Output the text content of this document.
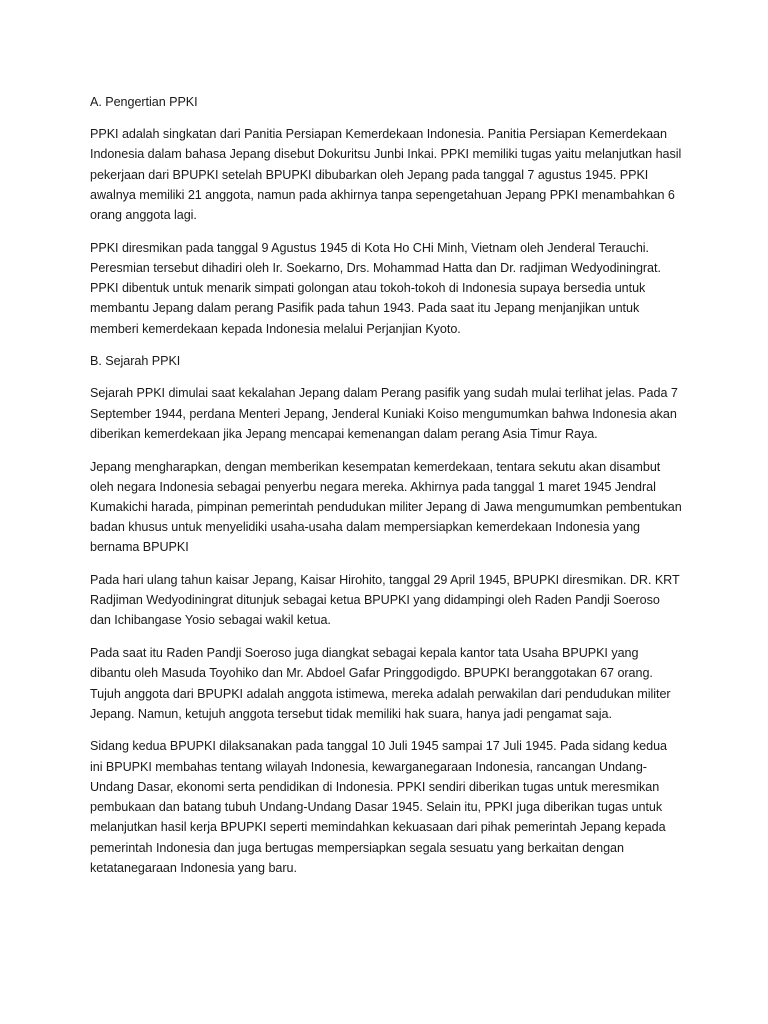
A. Pengertian PPKI

PPKI adalah singkatan dari Panitia Persiapan Kemerdekaan Indonesia. Panitia Persiapan Kemerdekaan Indonesia dalam bahasa Jepang disebut Dokuritsu Junbi Inkai. PPKI memiliki tugas yaitu melanjutkan hasil pekerjaan dari BPUPKI setelah BPUPKI dibubarkan oleh Jepang pada tanggal 7 agustus 1945. PPKI awalnya memiliki 21 anggota, namun pada akhirnya tanpa sepengetahuan Jepang PPKI menambahkan 6 orang anggota lagi.

PPKI diresmikan pada tanggal 9 Agustus 1945 di Kota Ho CHi Minh, Vietnam oleh Jenderal Terauchi. Peresmian tersebut dihadiri oleh Ir. Soekarno, Drs. Mohammad Hatta dan Dr. radjiman Wedyodiningrat. PPKI dibentuk untuk menarik simpati golongan atau tokoh-tokoh di Indonesia supaya bersedia untuk membantu Jepang dalam perang Pasifik pada tahun 1943. Pada saat itu Jepang menjanjikan untuk memberi kemerdekaan kepada Indonesia melalui Perjanjian Kyoto.

B. Sejarah PPKI

Sejarah PPKI dimulai saat kekalahan Jepang dalam Perang pasifik yang sudah mulai terlihat jelas. Pada 7 September 1944, perdana Menteri Jepang, Jenderal Kuniaki Koiso mengumumkan bahwa Indonesia akan diberikan kemerdekaan jika Jepang mencapai kemenangan dalam perang Asia Timur Raya.

Jepang mengharapkan, dengan memberikan kesempatan kemerdekaan, tentara sekutu akan disambut oleh negara Indonesia sebagai penyerbu negara mereka. Akhirnya pada tanggal 1 maret 1945 Jendral Kumakichi harada, pimpinan pemerintah pendudukan militer Jepang di Jawa mengumumkan pembentukan badan khusus untuk menyelidiki usaha-usaha dalam mempersiapkan kemerdekaan Indonesia yang bernama BPUPKI

Pada hari ulang tahun kaisar Jepang, Kaisar Hirohito, tanggal 29 April 1945, BPUPKI diresmikan. DR. KRT Radjiman Wedyodiningrat ditunjuk sebagai ketua BPUPKI yang didampingi oleh Raden Pandji Soeroso dan Ichibangase Yosio sebagai wakil ketua.

Pada saat itu Raden Pandji Soeroso juga diangkat sebagai kepala kantor tata Usaha BPUPKI yang dibantu oleh Masuda Toyohiko dan Mr. Abdoel Gafar Pringgodigdo. BPUPKI beranggotakan 67 orang. Tujuh anggota dari BPUPKI adalah anggota istimewa, mereka adalah perwakilan dari pendudukan militer Jepang. Namun, ketujuh anggota tersebut tidak memiliki hak suara, hanya jadi pengamat saja.

Sidang kedua BPUPKI dilaksanakan pada tanggal 10 Juli 1945 sampai 17 Juli 1945. Pada sidang kedua ini BPUPKI membahas tentang wilayah Indonesia, kewarganegaraan Indonesia, rancangan Undang-Undang Dasar, ekonomi serta pendidikan di Indonesia. PPKI sendiri diberikan tugas untuk meresmikan pembukaan dan batang tubuh Undang-Undang Dasar 1945. Selain itu, PPKI juga diberikan tugas untuk melanjutkan hasil kerja BPUPKI seperti memindahkan kekuasaan dari pihak pemerintah Jepang kepada pemerintah Indonesia dan juga bertugas mempersiapkan segala sesuatu yang berkaitan dengan ketatanegaraan Indonesia yang baru.
